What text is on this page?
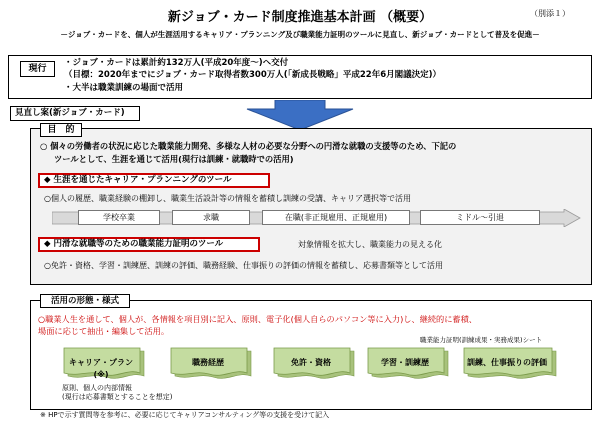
新ジョブ・カード制度推進基本計画 （概要）	（別添１）
－ジョブ・カードを、個人が生涯活用するキャリア・プランニング及び職業能力証明のツールに見直し、新ジョブ・カードとして普及を促進－
現行
・ジョブ・カードは累計約132万人(平成20年度～)へ交付
（目標：2020年までにジョブ・カード取得者数300万人(「新成長戦略」平成22年6月閣議決定)）
・大半は職業訓練の場面で活用
見直し案(新ジョブ・カード)
目　的
○ 個々の労働者の状況に応じた職業能力開発、多様な人材の必要な分野への円滑な就職の支援等のため、下記の
ツールとして、生涯を通じて活用(現行は訓練・就職時での活用)
◆ 生涯を通じたキャリア・プランニングのツール
○個人の履歴、職業経験の棚卸し、職業生活設計等の情報を蓄積し訓練の受講、キャリア選択等で活用
学校卒業	求職	在職(非正規雇用、正規雇用)	ミドル～引退
◆ 円滑な就職等のための職業能力証明のツール	対象情報を拡大し、職業能力の見える化
○免許・資格、学習・訓練歴、訓練の評価、職務経験、仕事振りの評価の情報を蓄積し、応募書類等として活用
活用の形態・様式
○職業人生を通して、個人が、各情報を項目別に記入、原則、電子化(個人自らのパソコン等に入力)し、継続的に蓄積、
場面に応じて抽出・編集して活用。
職業能力証明(訓練成果・実務成果)シート
キャリア・プラン(※)
職務経歴	免許・資格	学習・訓練歴	訓練、仕事振りの評価
原則、個人の内部情報
(現行は応募書類とすることを想定)
※ HPで示す質問等を参考に、必要に応じてキャリアコンサルティング等の支援を受けて記入
